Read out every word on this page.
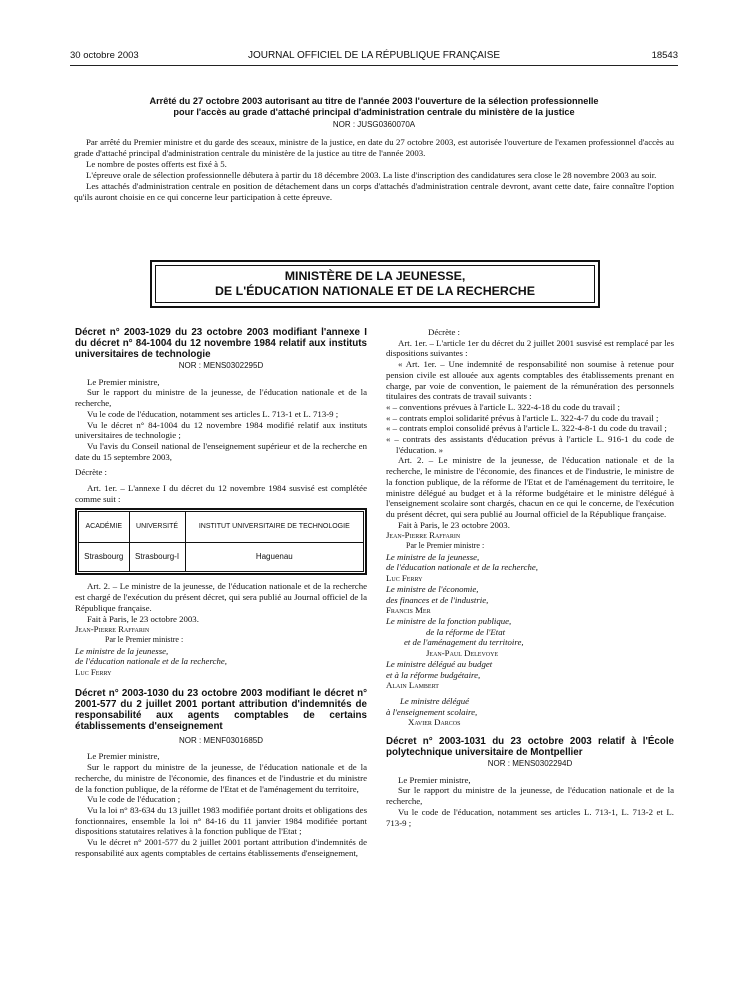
30 octobre 2003	JOURNAL OFFICIEL DE LA RÉPUBLIQUE FRANÇAISE	18543
Arrêté du 27 octobre 2003 autorisant au titre de l'année 2003 l'ouverture de la sélection professionnelle
pour l'accès au grade d'attaché principal d'administration centrale du ministère de la justice
NOR : JUSG0360070A

Par arrêté du Premier ministre et du garde des sceaux, ministre de la justice, en date du 27 octobre 2003, est autorisée l'ouverture de l'examen professionnel d'accès au grade d'attaché principal d'administration centrale du ministère de la justice au titre de l'année 2003.

Le nombre de postes offerts est fixé à 5.

L'épreuve orale de sélection professionnelle débutera à partir du 18 décembre 2003. La liste d'inscription des candidatures sera close le 28 novembre 2003 au soir.

Les attachés d'administration centrale en position de détachement dans un corps d'attachés d'administration centrale devront, avant cette date, faire connaître l'option qu'ils auront choisie en ce qui concerne leur participation à cette épreuve.

MINISTÈRE DE LA JEUNESSE,
DE L'ÉDUCATION NATIONALE ET DE LA RECHERCHE
Décret n° 2003-1029 du 23 octobre 2003 modifiant l'annexe I du décret n° 84-1004 du 12 novembre 1984 relatif aux instituts universitaires de technologie
NOR : MENS0302295D

Le Premier ministre,

Sur le rapport du ministre de la jeunesse, de l'éducation nationale et de la recherche,

Vu le code de l'éducation, notamment ses articles L. 713-1 et L. 713-9 ;

Vu le décret n° 84-1004 du 12 novembre 1984 modifié relatif aux instituts universitaires de technologie ;

Vu l'avis du Conseil national de l'enseignement supérieur et de la recherche en date du 15 septembre 2003,

Décrète :

Art. 1er. – L'annexe I du décret du 12 novembre 1984 susvisé est complétée comme suit :

ACADÉMIE	UNIVERSITÉ	INSTITUT UNIVERSITAIRE DE TECHNOLOGIE
Strasbourg	Strasbourg-I	Haguenau

Art. 2. – Le ministre de la jeunesse, de l'éducation nationale et de la recherche est chargé de l'exécution du présent décret, qui sera publié au Journal officiel de la République française.

Fait à Paris, le 23 octobre 2003.

Jean-Pierre Raffarin

Par le Premier ministre :

Le ministre de la jeunesse,

de l'éducation nationale et de la recherche,

Luc Ferry

Décret n° 2003-1030 du 23 octobre 2003 modifiant le décret n° 2001-577 du 2 juillet 2001 portant attribution d'indemnités de responsabilité aux agents comptables de certains établissements d'enseignement
NOR : MENF0301685D

Le Premier ministre,

Sur le rapport du ministre de la jeunesse, de l'éducation nationale et de la recherche, du ministre de l'économie, des finances et de l'industrie et du ministre de la fonction publique, de la réforme de l'Etat et de l'aménagement du territoire,

Vu le code de l'éducation ;

Vu la loi n° 83-634 du 13 juillet 1983 modifiée portant droits et obligations des fonctionnaires, ensemble la loi n° 84-16 du 11 janvier 1984 modifiée portant dispositions statutaires relatives à la fonction publique de l'Etat ;

Vu le décret n° 2001-577 du 2 juillet 2001 portant attribution d'indemnités de responsabilité aux agents comptables de certains établissements d'enseignement,

Décrète :

Art. 1er. – L'article 1er du décret du 2 juillet 2001 susvisé est remplacé par les dispositions suivantes :

« Art. 1er. – Une indemnité de responsabilité non soumise à retenue pour pension civile est allouée aux agents comptables des établissements prenant en charge, par voie de convention, le paiement de la rémunération des personnels titulaires des contrats de travail suivants :

« – conventions prévues à l'article L. 322-4-18 du code du travail ;

« – contrats emploi solidarité prévus à l'article L. 322-4-7 du code du travail ;

« – contrats emploi consolidé prévus à l'article L. 322-4-8-1 du code du travail ;

« – contrats des assistants d'éducation prévus à l'article L. 916-1 du code de l'éducation. »

Art. 2. – Le ministre de la jeunesse, de l'éducation nationale et de la recherche, le ministre de l'économie, des finances et de l'industrie, le ministre de la fonction publique, de la réforme de l'Etat et de l'aménagement du territoire, le ministre délégué au budget et à la réforme budgétaire et le ministre délégué à l'enseignement scolaire sont chargés, chacun en ce qui le concerne, de l'exécution du présent décret, qui sera publié au Journal officiel de la République française.

Fait à Paris, le 23 octobre 2003.

Jean-Pierre Raffarin

Par le Premier ministre :

Le ministre de la jeunesse,

de l'éducation nationale et de la recherche,

Luc Ferry

Le ministre de l'économie,

des finances et de l'industrie,

Francis Mer

Le ministre de la fonction publique,

de la réforme de l'Etat

et de l'aménagement du territoire,

Jean-Paul Delevoye

Le ministre délégué au budget

et à la réforme budgétaire,

Alain Lambert

Le ministre délégué

à l'enseignement scolaire,

Xavier Darcos

Décret n° 2003-1031 du 23 octobre 2003 relatif à l'École polytechnique universitaire de Montpellier
NOR : MENS0302294D

Le Premier ministre,

Sur le rapport du ministre de la jeunesse, de l'éducation nationale et de la recherche,

Vu le code de l'éducation, notamment ses articles L. 713-1, L. 713-2 et L. 713-9 ;
